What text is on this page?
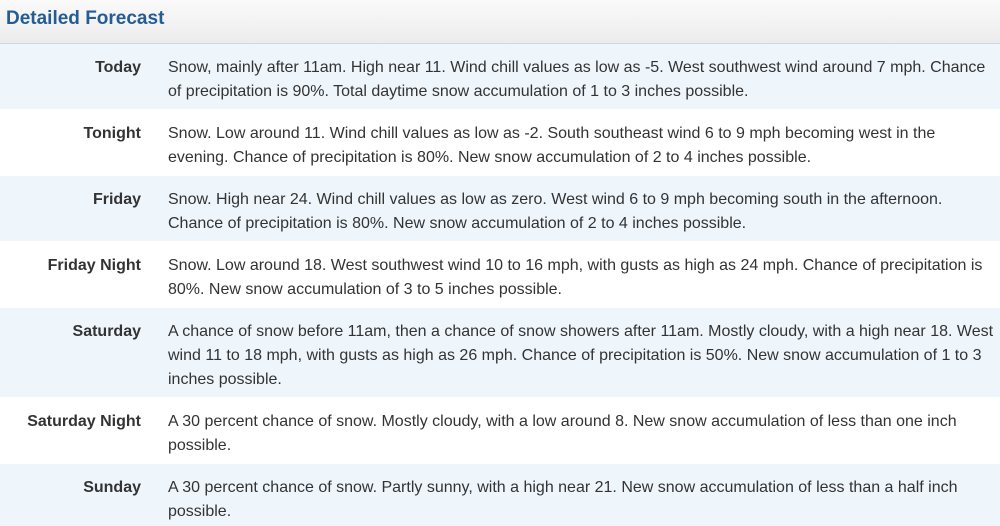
Detailed Forecast
Today	Snow, mainly after 11am. High near 11. Wind chill values as low as -5. West southwest wind around 7 mph. Chance of precipitation is 90%. Total daytime snow accumulation of 1 to 3 inches possible.
Tonight	Snow. Low around 11. Wind chill values as low as -2. South southeast wind 6 to 9 mph becoming west in the evening. Chance of precipitation is 80%. New snow accumulation of 2 to 4 inches possible.
Friday	Snow. High near 24. Wind chill values as low as zero. West wind 6 to 9 mph becoming south in the afternoon. Chance of precipitation is 80%. New snow accumulation of 2 to 4 inches possible.
Friday Night	Snow. Low around 18. West southwest wind 10 to 16 mph, with gusts as high as 24 mph. Chance of precipitation is 80%. New snow accumulation of 3 to 5 inches possible.
Saturday	A chance of snow before 11am, then a chance of snow showers after 11am. Mostly cloudy, with a high near 18. West wind 11 to 18 mph, with gusts as high as 26 mph. Chance of precipitation is 50%. New snow accumulation of 1 to 3 inches possible.
Saturday Night	A 30 percent chance of snow. Mostly cloudy, with a low around 8. New snow accumulation of less than one inch possible.
Sunday	A 30 percent chance of snow. Partly sunny, with a high near 21. New snow accumulation of less than a half inch possible.
